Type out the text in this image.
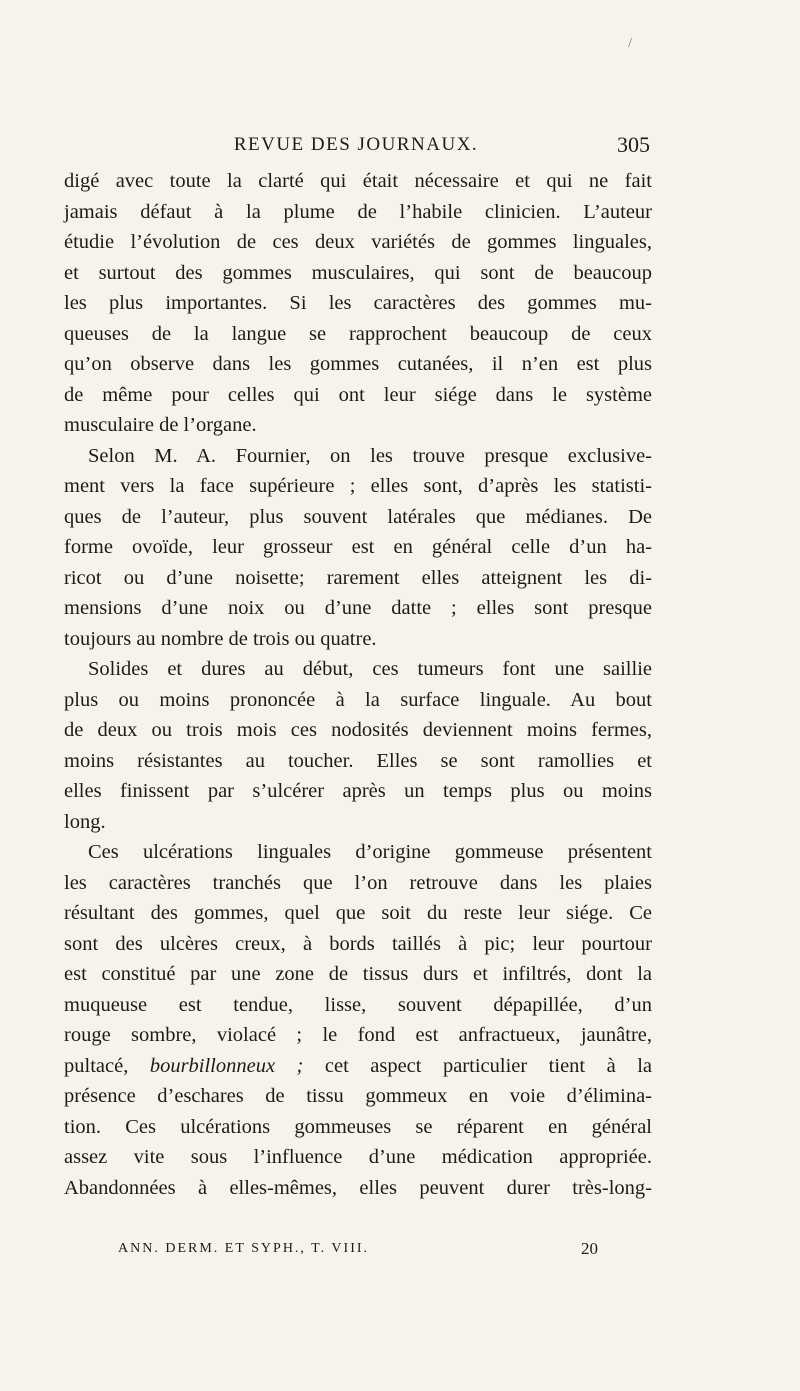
/
REVUE DES JOURNAUX.	305
digé avec toute la clarté qui était nécessaire et qui ne fait
jamais défaut à la plume de l’habile clinicien. L’auteur
étudie l’évolution de ces deux variétés de gommes linguales,
et surtout des gommes musculaires, qui sont de beaucoup
les plus importantes. Si les caractères des gommes mu-
queuses de la langue se rapprochent beaucoup de ceux
qu’on observe dans les gommes cutanées, il n’en est plus
de même pour celles qui ont leur siége dans le système
musculaire de l’organe.
Selon M. A. Fournier, on les trouve presque exclusive-
ment vers la face supérieure ; elles sont, d’après les statisti-
ques de l’auteur, plus souvent latérales que médianes. De
forme ovoïde, leur grosseur est en général celle d’un ha-
ricot ou d’une noisette; rarement elles atteignent les di-
mensions d’une noix ou d’une datte ; elles sont presque
toujours au nombre de trois ou quatre.
Solides et dures au début, ces tumeurs font une saillie
plus ou moins prononcée à la surface linguale. Au bout
de deux ou trois mois ces nodosités deviennent moins fermes,
moins résistantes au toucher. Elles se sont ramollies et
elles finissent par s’ulcérer après un temps plus ou moins
long.
Ces ulcérations linguales d’origine gommeuse présentent
les caractères tranchés que l’on retrouve dans les plaies
résultant des gommes, quel que soit du reste leur siége. Ce
sont des ulcères creux, à bords taillés à pic; leur pourtour
est constitué par une zone de tissus durs et infiltrés, dont la
muqueuse est tendue, lisse, souvent dépapillée, d’un
rouge sombre, violacé ; le fond est anfractueux, jaunâtre,
pultacé, bourbillonneux ; cet aspect particulier tient à la
présence d’eschares de tissu gommeux en voie d’élimina-
tion. Ces ulcérations gommeuses se réparent en général
assez vite sous l’influence d’une médication appropriée.
Abandonnées à elles-mêmes, elles peuvent durer très-long-
ANN. DERM. ET SYPH., T. VIII.	20
